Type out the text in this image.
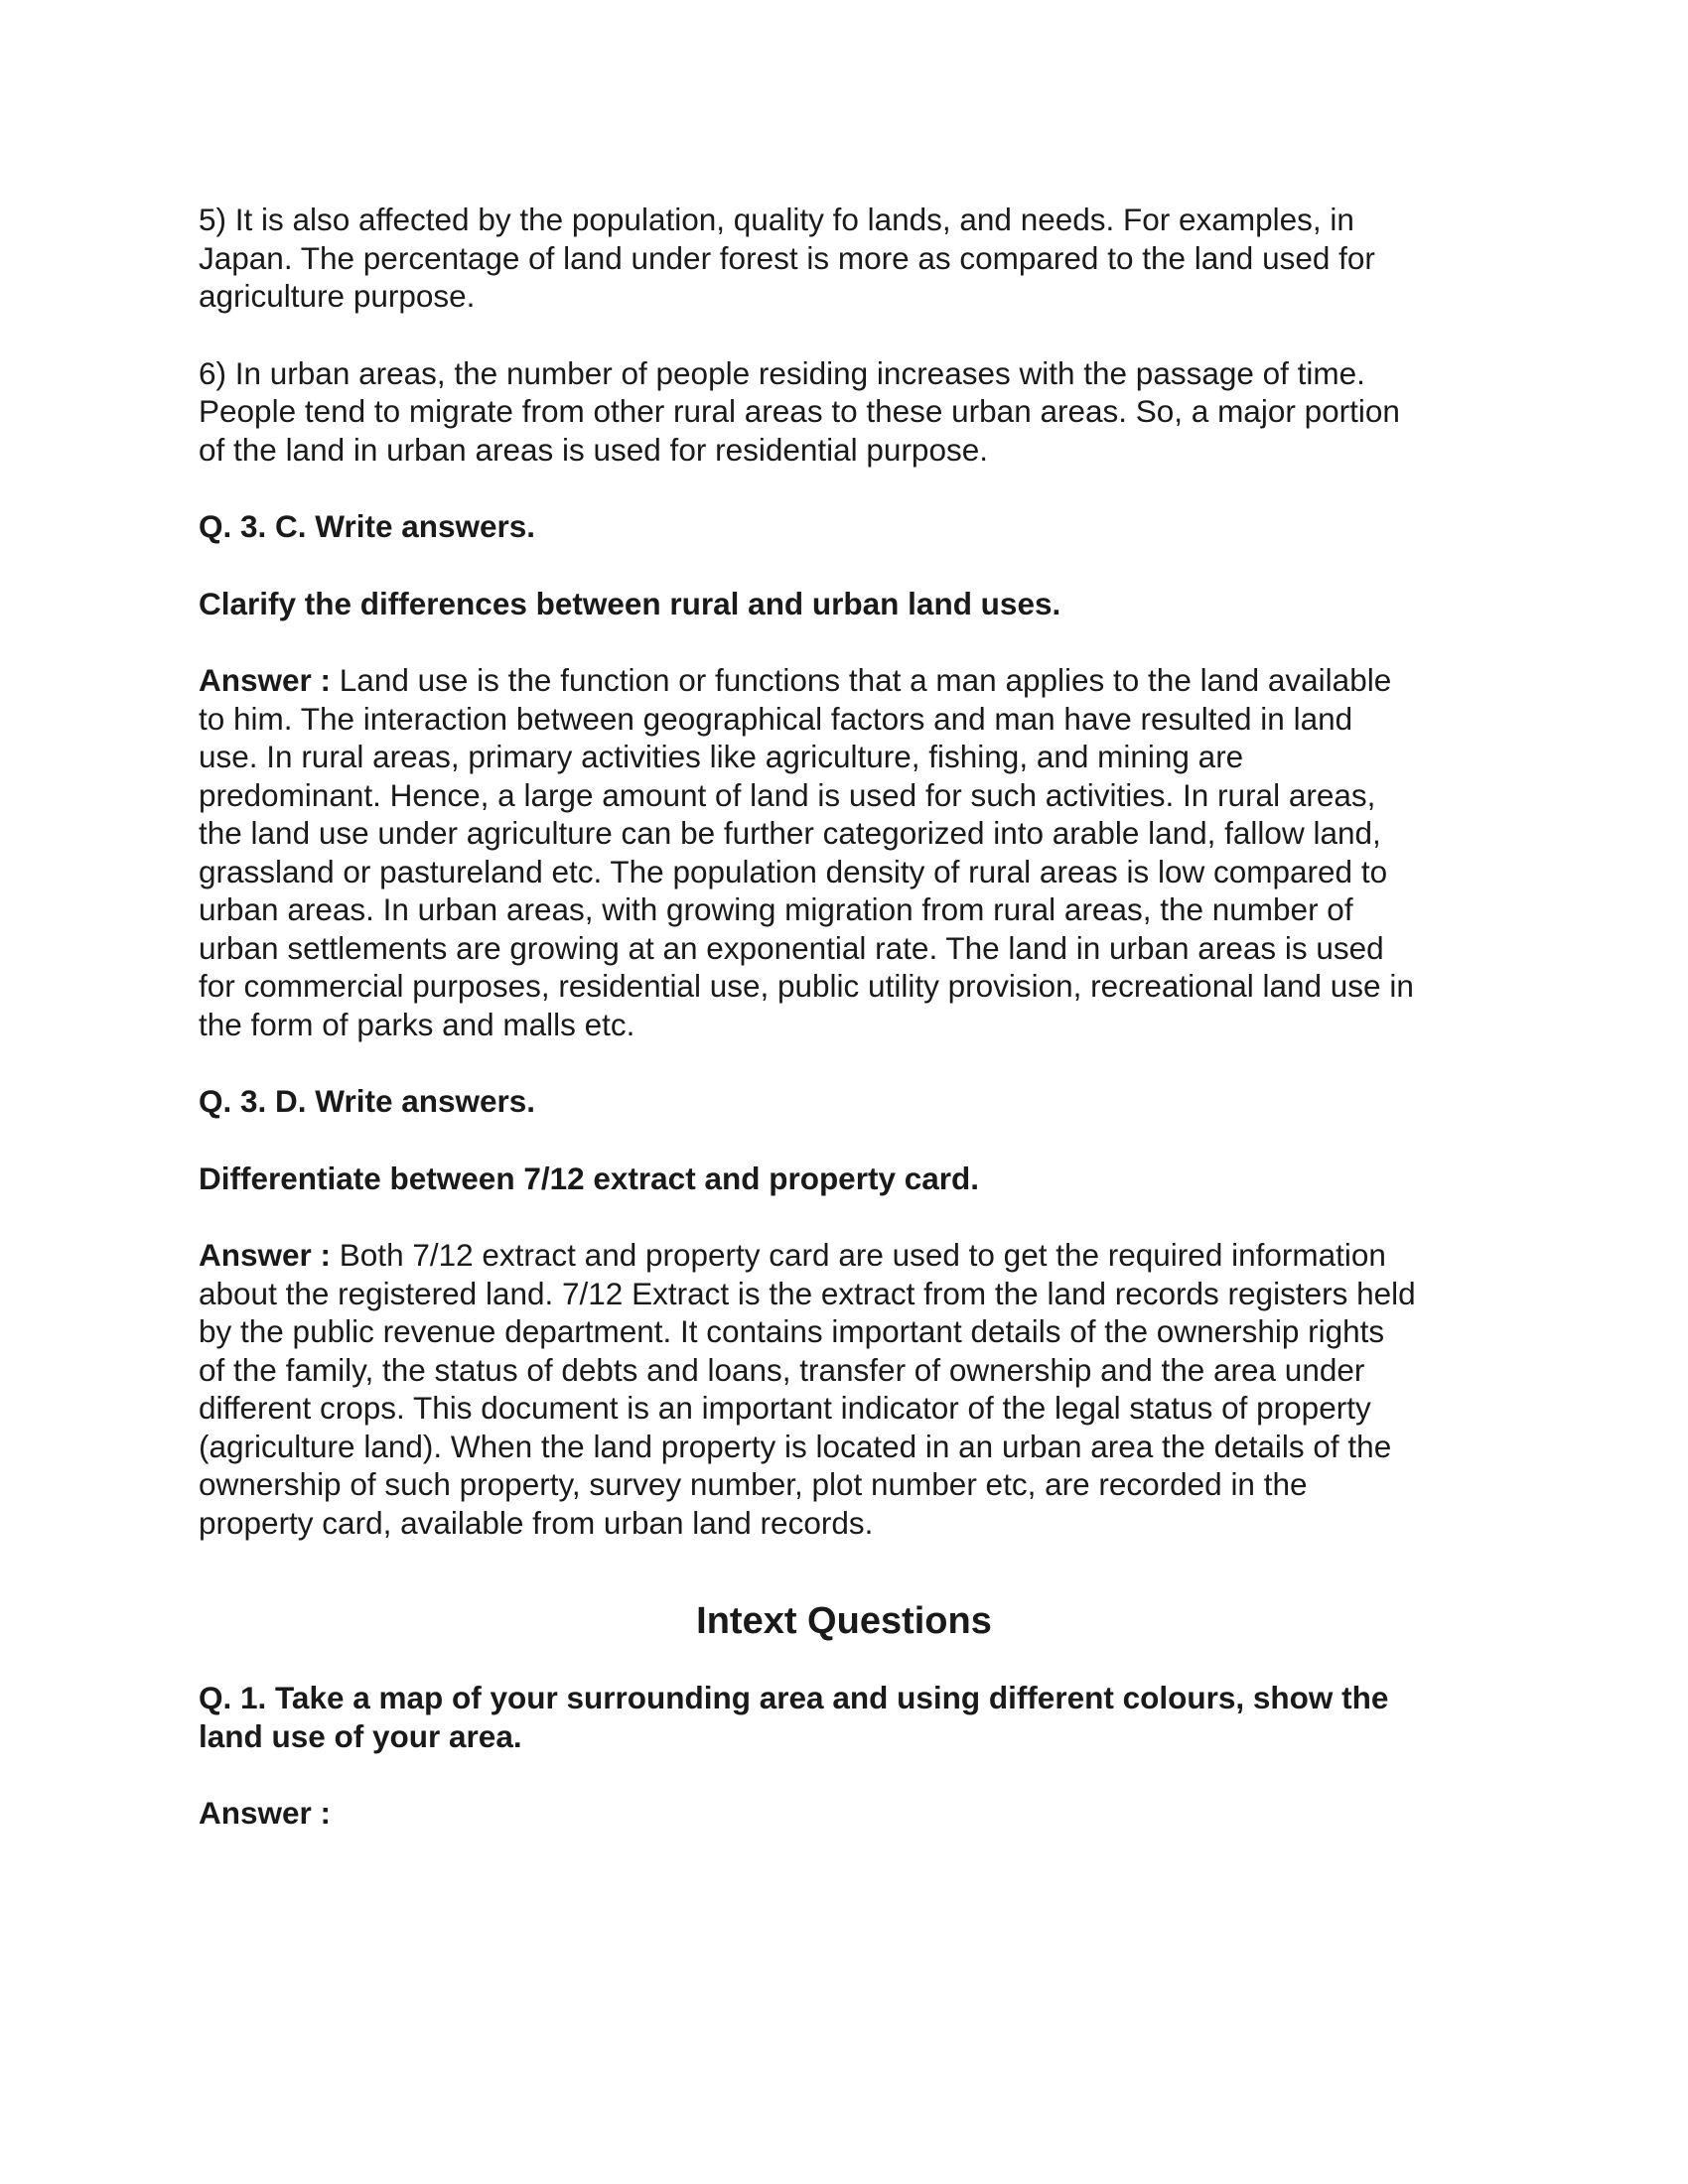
5) It is also affected by the population, quality fo lands, and needs. For examples, in
Japan. The percentage of land under forest is more as compared to the land used for
agriculture purpose.

6) In urban areas, the number of people residing increases with the passage of time.
People tend to migrate from other rural areas to these urban areas. So, a major portion
of the land in urban areas is used for residential purpose.

Q. 3. C. Write answers.

Clarify the differences between rural and urban land uses.

Answer : Land use is the function or functions that a man applies to the land available
to him. The interaction between geographical factors and man have resulted in land
use. In rural areas, primary activities like agriculture, fishing, and mining are
predominant. Hence, a large amount of land is used for such activities. In rural areas,
the land use under agriculture can be further categorized into arable land, fallow land,
grassland or pastureland etc. The population density of rural areas is low compared to
urban areas. In urban areas, with growing migration from rural areas, the number of
urban settlements are growing at an exponential rate. The land in urban areas is used
for commercial purposes, residential use, public utility provision, recreational land use in
the form of parks and malls etc.

Q. 3. D. Write answers.

Differentiate between 7/12 extract and property card.

Answer : Both 7/12 extract and property card are used to get the required information
about the registered land. 7/12 Extract is the extract from the land records registers held
by the public revenue department. It contains important details of the ownership rights
of the family, the status of debts and loans, transfer of ownership and the area under
different crops. This document is an important indicator of the legal status of property
(agriculture land). When the land property is located in an urban area the details of the
ownership of such property, survey number, plot number etc, are recorded in the
property card, available from urban land records.

Intext Questions

Q. 1. Take a map of your surrounding area and using different colours, show the
land use of your area.

Answer :
